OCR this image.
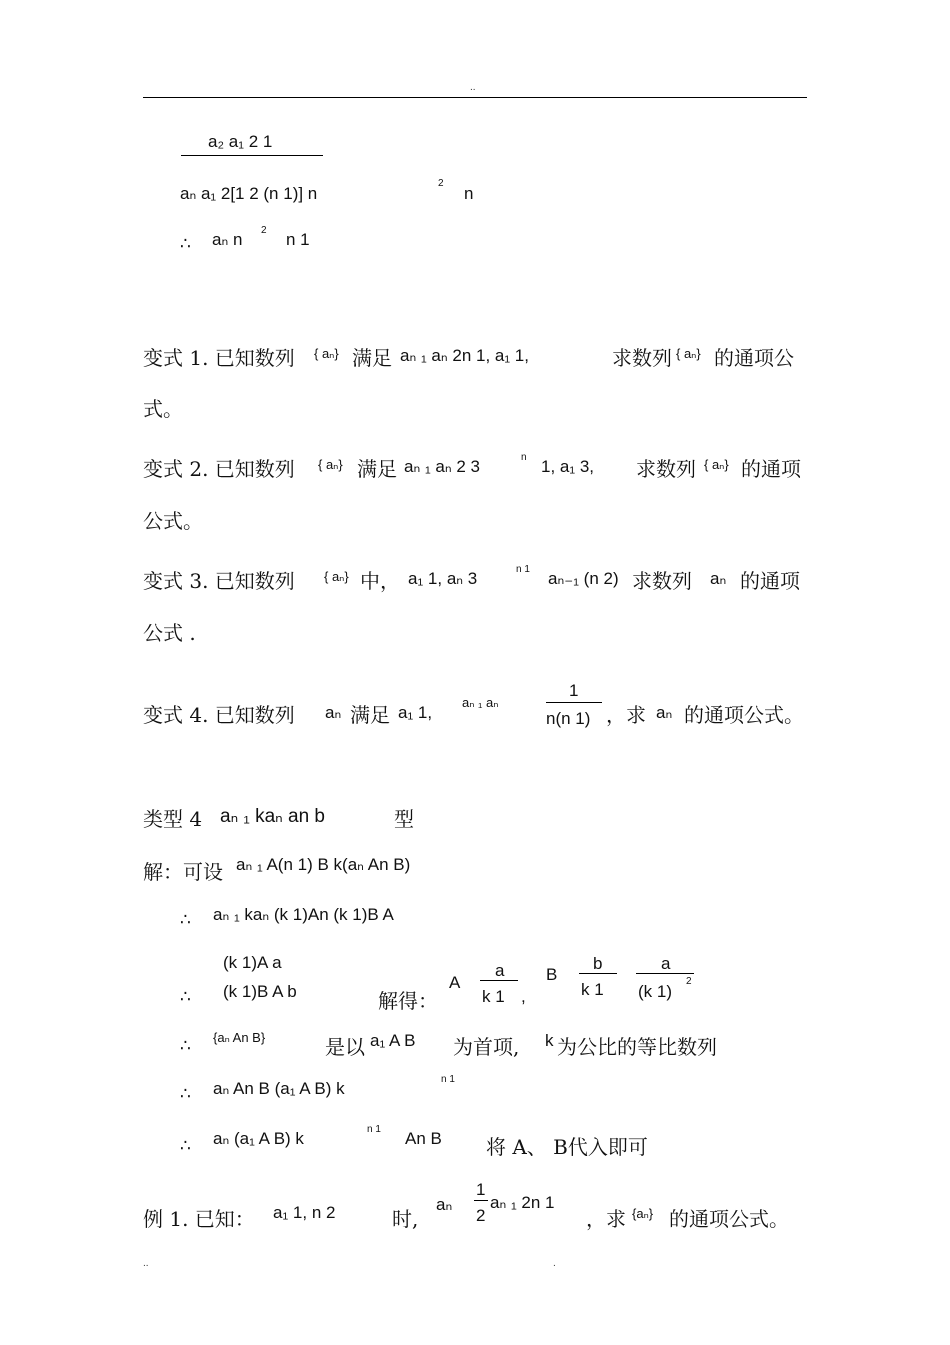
..
a₂ a₁ 2 1
aₙ a₁ 2[1 2 (n 1)] n
2
n
∴ aₙ n 2 n 1
变式 1. 已知数列 { aₙ} 满足 aₙ ₁ aₙ 2n 1, a₁ 1,	求数列 { aₙ} 的通项公
式。
变式 2. 已知数列 { aₙ} 满足 aₙ ₁ aₙ 2 3	n 1, a₁ 3, 求数列 { aₙ} 的通项
公式。
变式 3. 已知数列 { aₙ} 中， a₁ 1, aₙ 3	n 1 aₙ₋₁ (n 2) 求数列 aₙ 的通项
公式 .
变式 4. 已知数列 aₙ 满足 a₁ 1,
aₙ ₁ aₙ
1
n(n 1) ，求 aₙ 的通项公式。
类型 4 aₙ ₁ kaₙ an b	型
解：可设 aₙ ₁ A(n 1) B k(aₙ An B)
∴ aₙ ₁ kaₙ (k 1)An (k 1)B A
(k 1)A a
∴ (k 1)B A b	解得：
A
a
k 1 ,
B
b
k 1
a
(k 1)
2
∴ {aₙ An B}	是以 a₁ A B 为首项, k 为公比的等比数列
∴ aₙ An B (a₁ A B) k	n 1
∴ aₙ (a₁ A B) k	n 1 An B 将 A、 B代入即可
例 1. 已知： a₁ 1, n 2	时,
aₙ
1
2
aₙ ₁ 2n 1
，求 {aₙ} 的通项公式。
..	.
